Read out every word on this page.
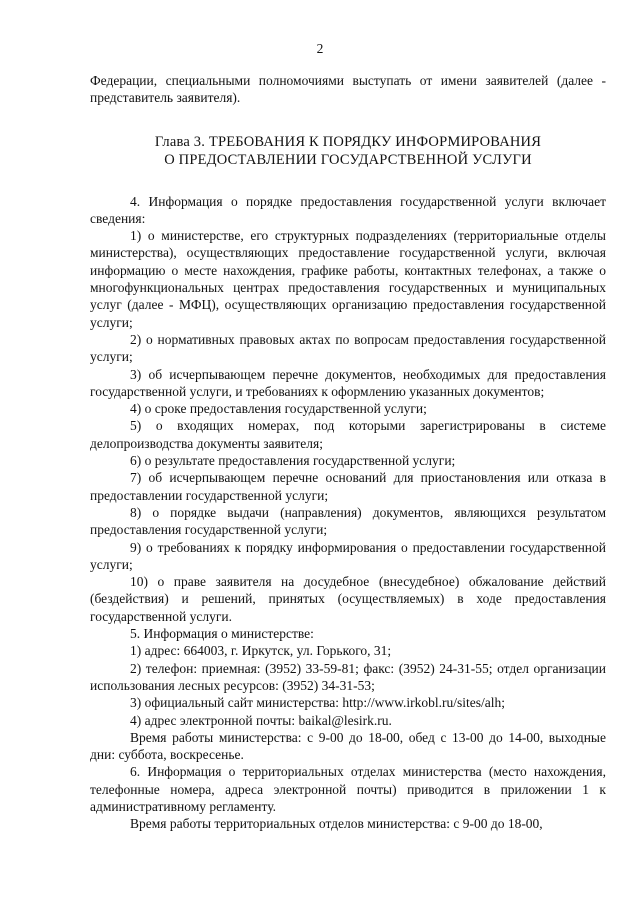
2

Федерации, специальными полномочиями выступать от имени заявителей (далее - представитель заявителя).

Глава 3. ТРЕБОВАНИЯ К ПОРЯДКУ ИНФОРМИРОВАНИЯ
О ПРЕДОСТАВЛЕНИИ ГОСУДАРСТВЕННОЙ УСЛУГИ

4. Информация о порядке предоставления государственной услуги включает сведения:

1) о министерстве, его структурных подразделениях (территориальные отделы министерства), осуществляющих предоставление государственной услуги, включая информацию о месте нахождения, графике работы, контактных телефонах, а также о многофункциональных центрах предоставления государственных и муниципальных услуг (далее - МФЦ), осуществляющих организацию предоставления государственной услуги;

2) о нормативных правовых актах по вопросам предоставления государственной услуги;

3) об исчерпывающем перечне документов, необходимых для предоставления государственной услуги, и требованиях к оформлению указанных документов;

4) о сроке предоставления государственной услуги;

5) о входящих номерах, под которыми зарегистрированы в системе делопроизводства документы заявителя;

6) о результате предоставления государственной услуги;

7) об исчерпывающем перечне оснований для приостановления или отказа в предоставлении государственной услуги;

8) о порядке выдачи (направления) документов, являющихся результатом предоставления государственной услуги;

9) о требованиях к порядку информирования о предоставлении государственной услуги;

10) о праве заявителя на досудебное (внесудебное) обжалование действий (бездействия) и решений, принятых (осуществляемых) в ходе предоставления государственной услуги.

5. Информация о министерстве:

1) адрес: 664003, г. Иркутск, ул. Горького, 31;

2) телефон: приемная: (3952) 33-59-81; факс: (3952) 24-31-55; отдел организации использования лесных ресурсов: (3952) 34-31-53;

3) официальный сайт министерства: http://www.irkobl.ru/sites/alh;

4) адрес электронной почты: baikal@lesirk.ru.

Время работы министерства: с 9-00 до 18-00, обед с 13-00 до 14-00, выходные дни: суббота, воскресенье.

6. Информация о территориальных отделах министерства (место нахождения, телефонные номера, адреса электронной почты) приводится в приложении 1 к административному регламенту.

Время работы территориальных отделов министерства: с 9-00 до 18-00,
